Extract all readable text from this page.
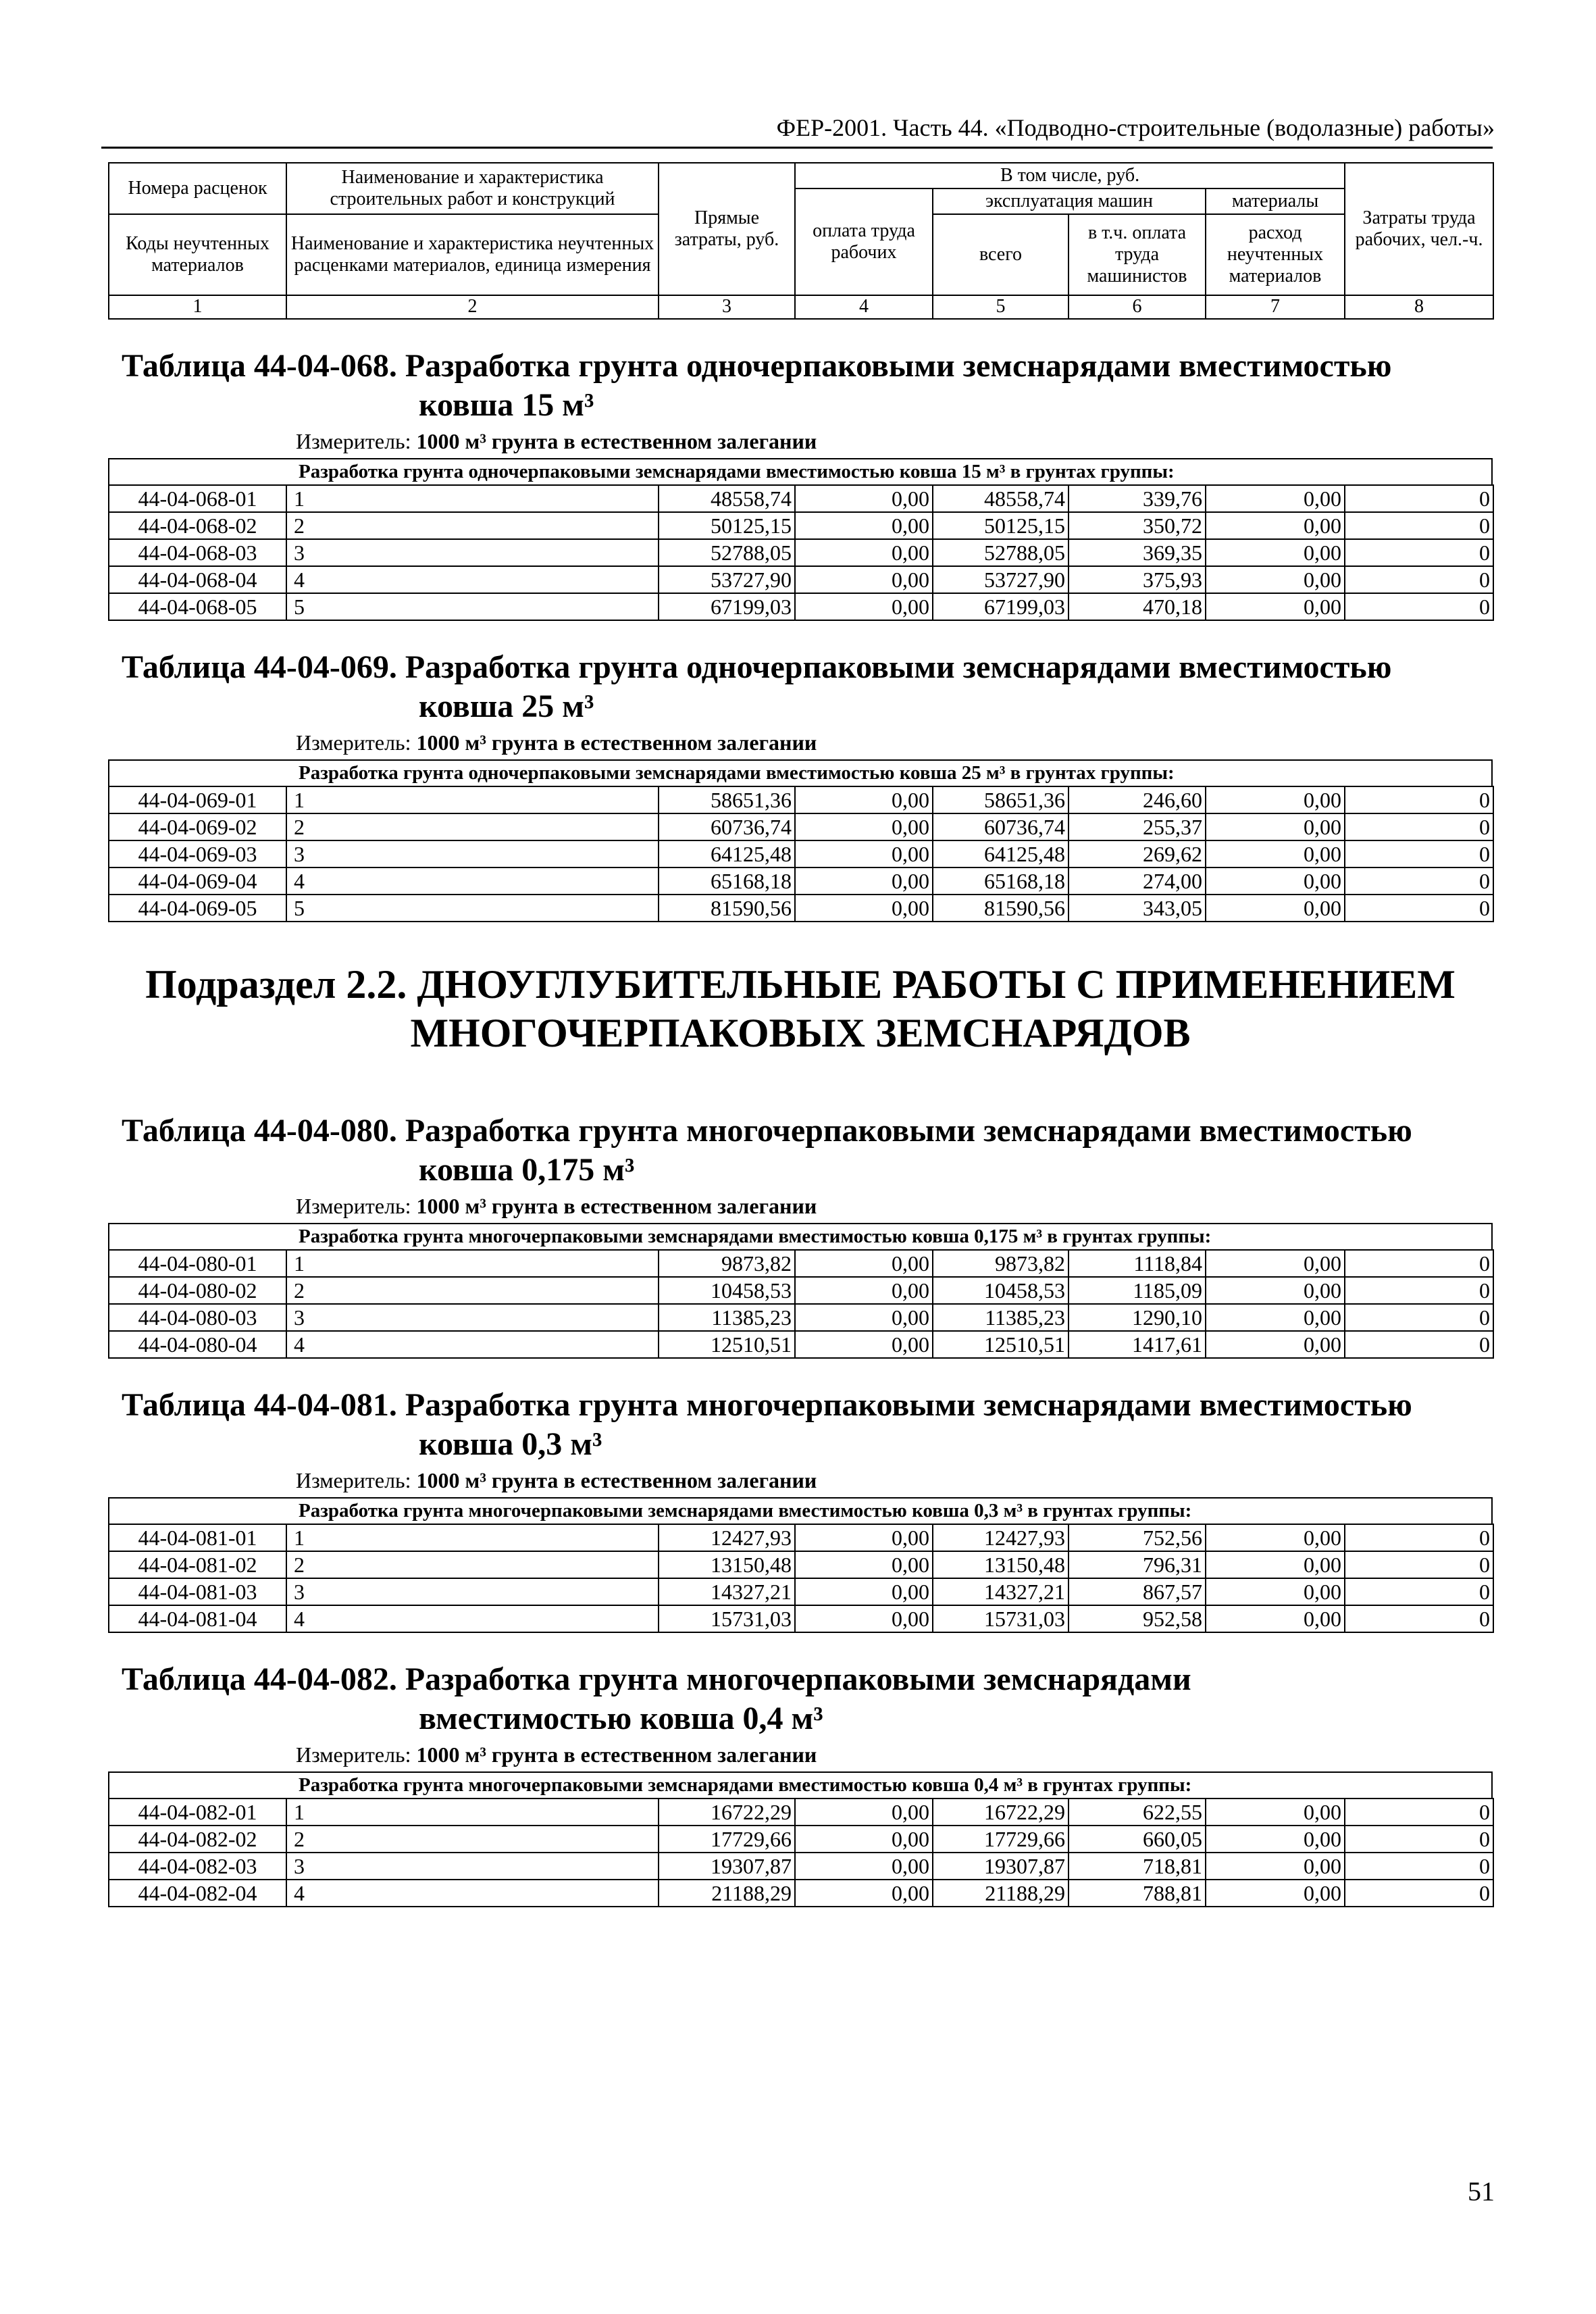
ФЕР-2001. Часть 44. «Подводно-строительные (водолазные) работы»
Номера расценок	Наименование и характеристика строительных работ и конструкций	Прямые затраты, руб.	В том числе, руб.				Затраты труда рабочих, чел.-ч.
			оплата труда рабочих	эксплуатация машин		материалы	
Коды неучтенных материалов	Наименование и характеристика неучтенных расценками материалов, единица измерения			всего	в т.ч. оплата труда машинистов	расход неучтенных материалов	

1	2	3	4	5	6	7	8
Таблица 44-04-068. Разработка грунта одночерпаковыми земснарядами вместимостью
ковша 15 м³
Измеритель: 1000 м³ грунта в естественном залегании
Разработка грунта одночерпаковыми земснарядами вместимостью ковша 15 м³ в грунтах группы:
44-04-068-01	1	48558,74	0,00	48558,74	339,76	0,00	0
44-04-068-02	2	50125,15	0,00	50125,15	350,72	0,00	0
44-04-068-03	3	52788,05	0,00	52788,05	369,35	0,00	0
44-04-068-04	4	53727,90	0,00	53727,90	375,93	0,00	0
44-04-068-05	5	67199,03	0,00	67199,03	470,18	0,00	0
Таблица 44-04-069. Разработка грунта одночерпаковыми земснарядами вместимостью
ковша 25 м³
Измеритель: 1000 м³ грунта в естественном залегании
Разработка грунта одночерпаковыми земснарядами вместимостью ковша 25 м³ в грунтах группы:
44-04-069-01	1	58651,36	0,00	58651,36	246,60	0,00	0
44-04-069-02	2	60736,74	0,00	60736,74	255,37	0,00	0
44-04-069-03	3	64125,48	0,00	64125,48	269,62	0,00	0
44-04-069-04	4	65168,18	0,00	65168,18	274,00	0,00	0
44-04-069-05	5	81590,56	0,00	81590,56	343,05	0,00	0
Подраздел 2.2. ДНОУГЛУБИТЕЛЬНЫЕ РАБОТЫ С ПРИМЕНЕНИЕМ
МНОГОЧЕРПАКОВЫХ ЗЕМСНАРЯДОВ
Таблица 44-04-080. Разработка грунта многочерпаковыми земснарядами вместимостью
ковша 0,175 м³
Измеритель: 1000 м³ грунта в естественном залегании
Разработка грунта многочерпаковыми земснарядами вместимостью ковша 0,175 м³ в грунтах группы:
44-04-080-01	1	9873,82	0,00	9873,82	1118,84	0,00	0
44-04-080-02	2	10458,53	0,00	10458,53	1185,09	0,00	0
44-04-080-03	3	11385,23	0,00	11385,23	1290,10	0,00	0
44-04-080-04	4	12510,51	0,00	12510,51	1417,61	0,00	0
Таблица 44-04-081. Разработка грунта многочерпаковыми земснарядами вместимостью
ковша 0,3 м³
Измеритель: 1000 м³ грунта в естественном залегании
Разработка грунта многочерпаковыми земснарядами вместимостью ковша 0,3 м³ в грунтах группы:
44-04-081-01	1	12427,93	0,00	12427,93	752,56	0,00	0
44-04-081-02	2	13150,48	0,00	13150,48	796,31	0,00	0
44-04-081-03	3	14327,21	0,00	14327,21	867,57	0,00	0
44-04-081-04	4	15731,03	0,00	15731,03	952,58	0,00	0
Таблица 44-04-082. Разработка грунта многочерпаковыми земснарядами
вместимостью ковша 0,4 м³
Измеритель: 1000 м³ грунта в естественном залегании
Разработка грунта многочерпаковыми земснарядами вместимостью ковша 0,4 м³ в грунтах группы:
44-04-082-01	1	16722,29	0,00	16722,29	622,55	0,00	0
44-04-082-02	2	17729,66	0,00	17729,66	660,05	0,00	0
44-04-082-03	3	19307,87	0,00	19307,87	718,81	0,00	0
44-04-082-04	4	21188,29	0,00	21188,29	788,81	0,00	0
51
